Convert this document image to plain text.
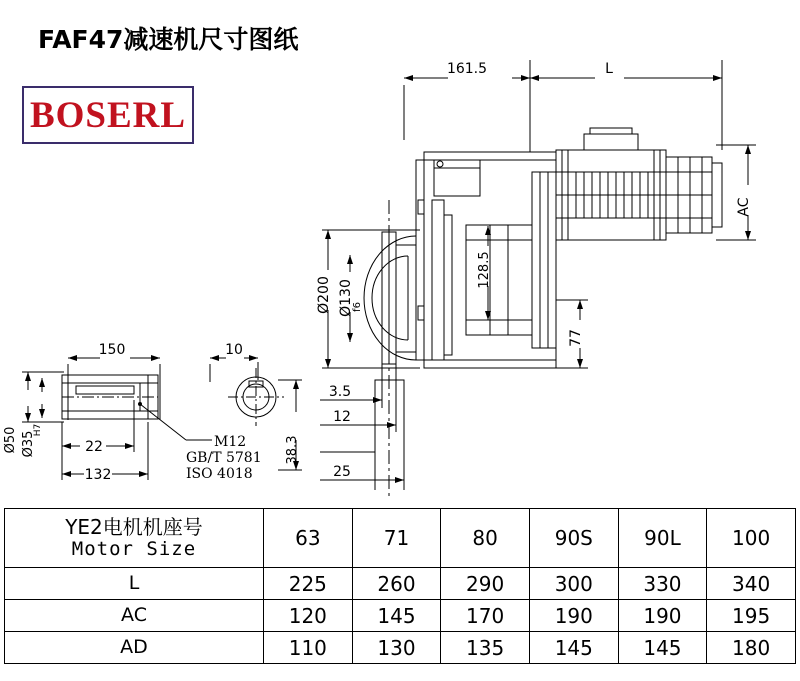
FAF47减速机尺寸图纸
BOSERL
161.5	L
AC
Ø200 Ø130
f6
128.5
77
3.5
12
25
150	10
22
132
Ø50 Ø35
H7
38.3
M12
GB/T 5781
ISO 4018
YE2电机机座号
Motor Size	63	71	80	90S	90L	100
L	225	260	290	300	330	340
AC	120	145	170	190	190	195
AD	110	130	135	145	145	180
